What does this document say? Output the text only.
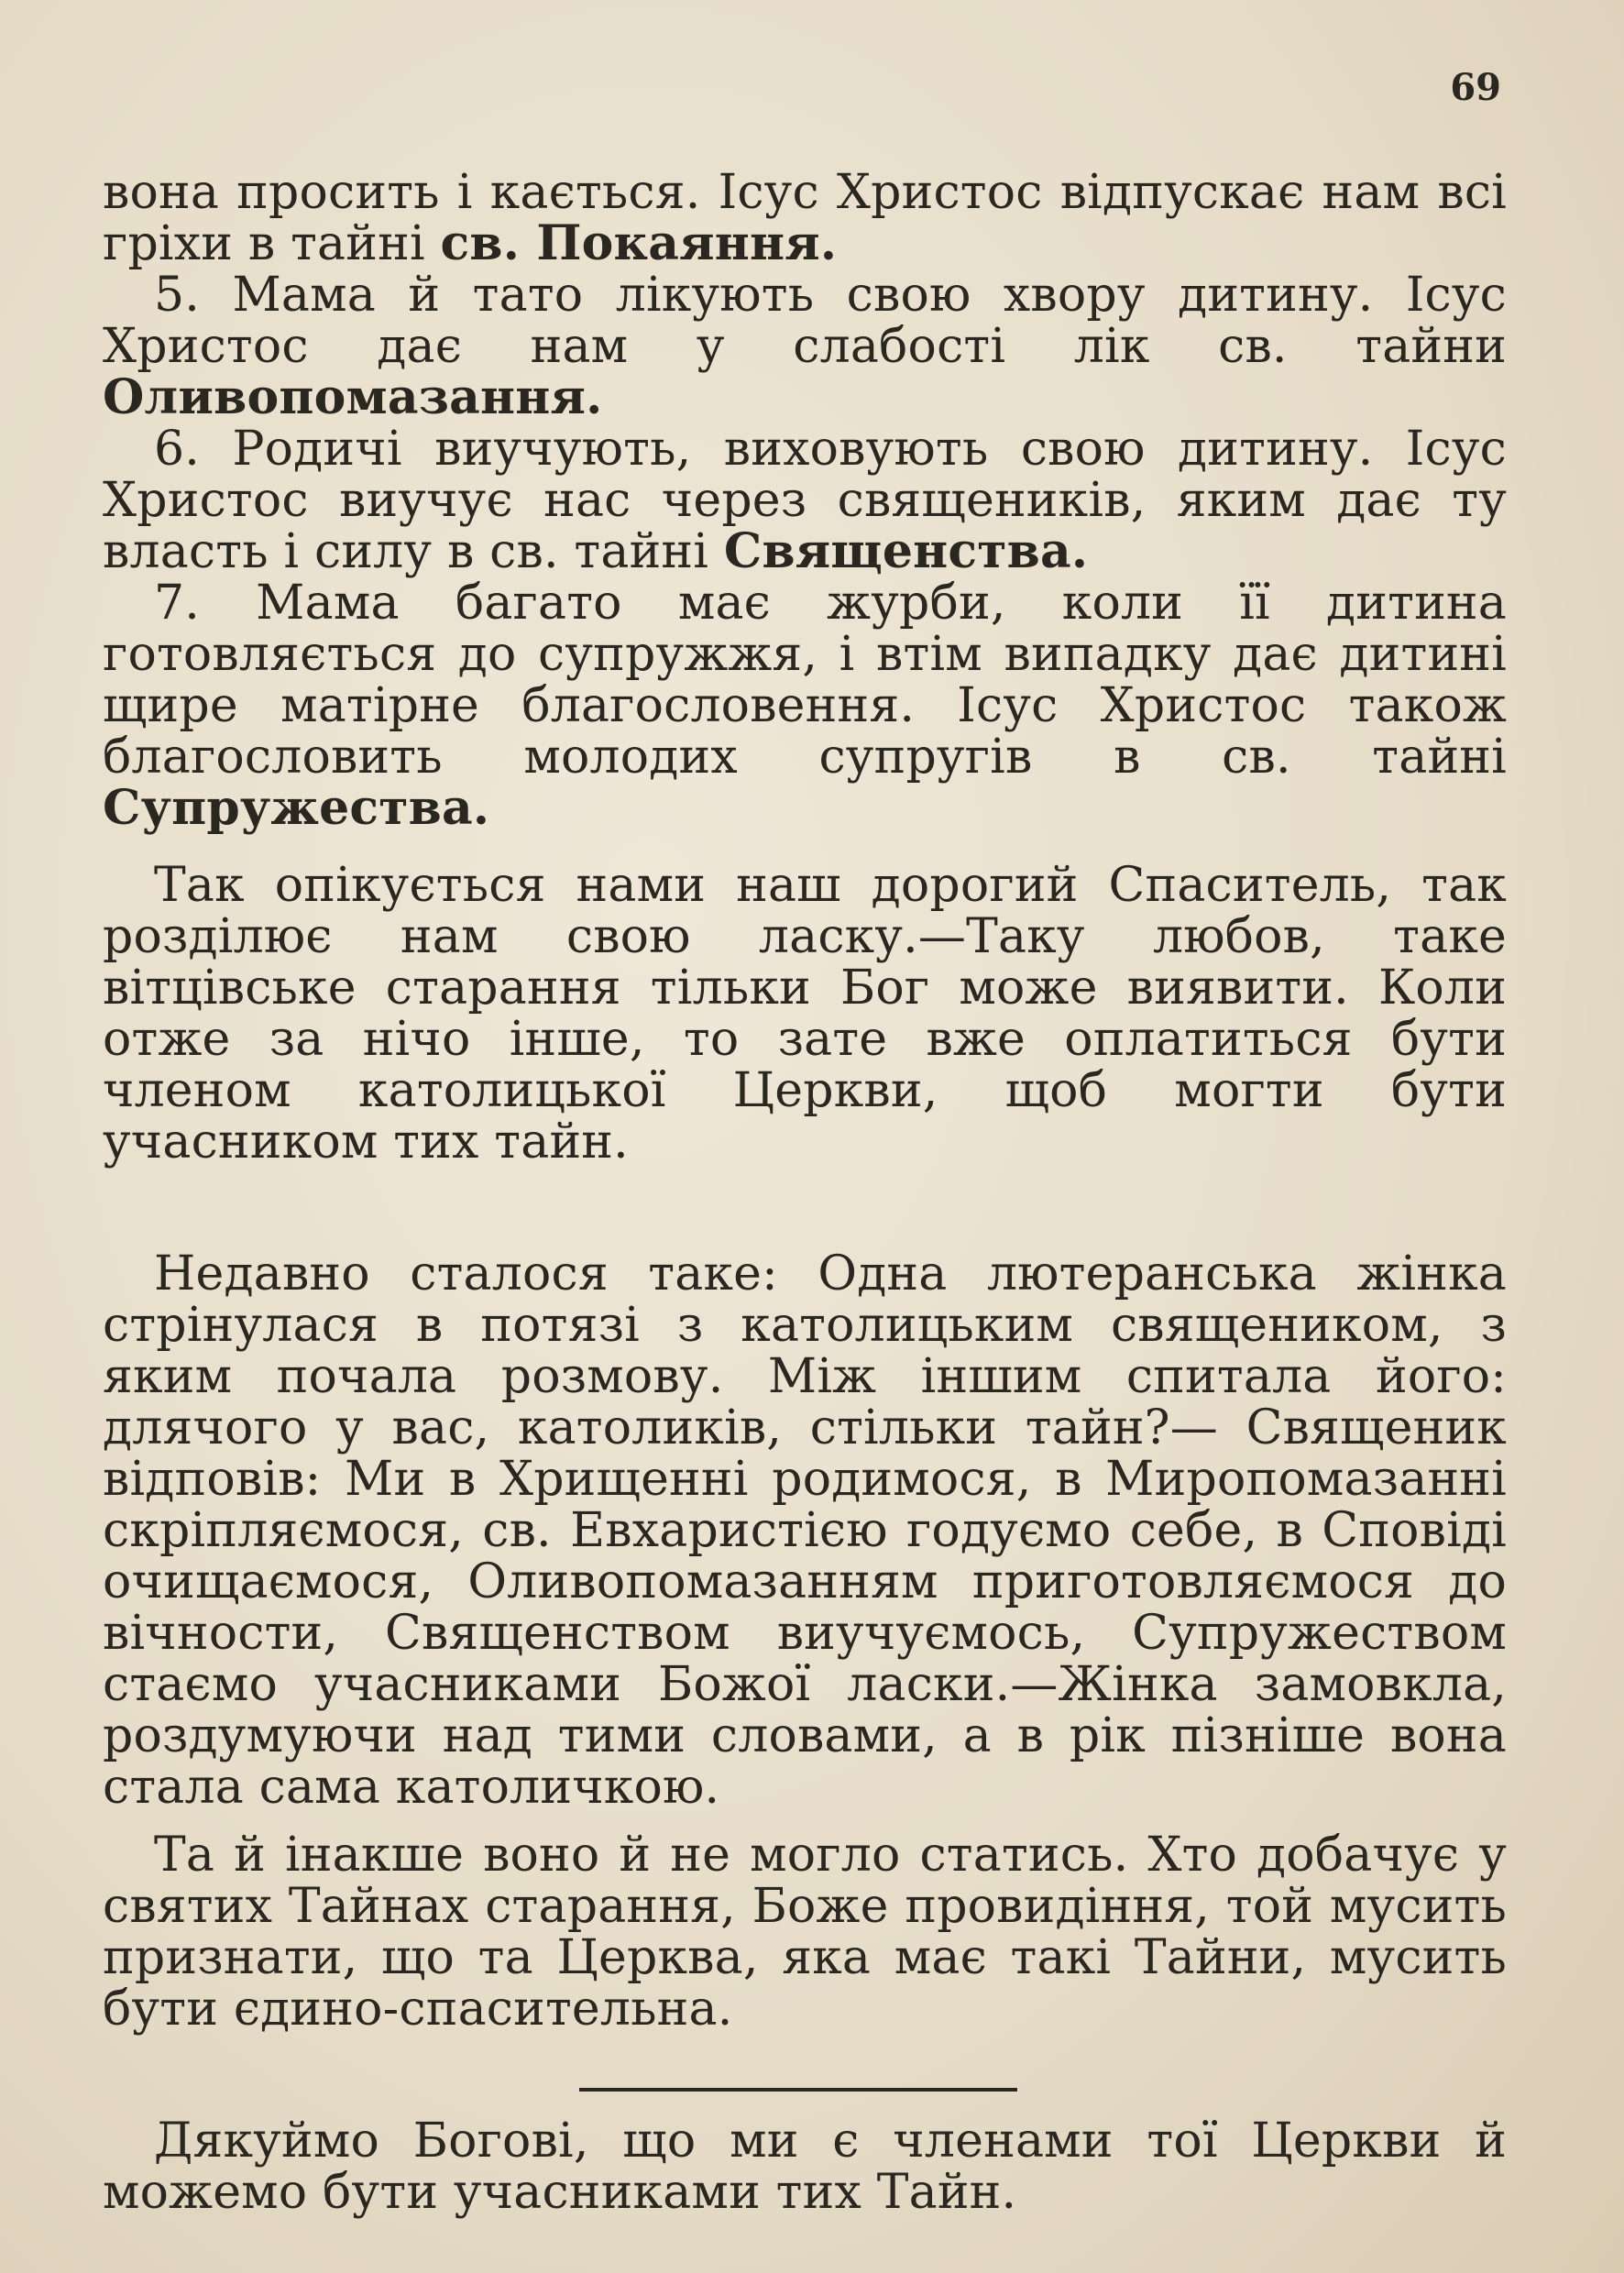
69

вона просить і кається. Ісус Христос відпускає нам всі гріхи в тайні св. Покаяння.

5. Мама й тато лікують свою хвору дитину. Ісус Христос дає нам у слабості лік св. тайни Оливопомазання.

6. Родичі виучують, виховують свою дитину. Ісус Христос виучує нас через священиків, яким дає ту власть і силу в св. тайні Священства.

7. Мама багато має журби, коли її дитина готовляється до супружжя, і втім випадку дає дитині щире матірне благословення. Ісус Христос також благословить молодих супругів в св. тайні Супружества.

Так опікується нами наш дорогий Спаситель, так розділює нам свою ласку.—Таку любов, таке вітцівське старання тільки Бог може виявити. Коли отже за нічо інше, то зате вже оплатиться бути членом католицької Церкви, щоб могти бути учасником тих тайн.

Недавно сталося таке: Одна лютеранська жінка стрінулася в потязі з католицьким священиком, з яким почала розмову. Між іншим спитала його: длячого у вас, католиків, стільки тайн?— Священик відповів: Ми в Хрищенні родимося, в Миропомазанні скріпляємося, св. Евхаристією годуємо себе, в Сповіді очищаємося, Оливопомазанням приготовляємося до вічности, Священством виучуємось, Супружеством стаємо учасниками Божої ласки.—Жінка замовкла, роздумуючи над тими словами, а в рік пізніше вона стала сама католичкою.

Та й інакше воно й не могло статись. Хто добачує у святих Тайнах старання, Боже провидіння, той мусить признати, що та Церква, яка має такі Тайни, мусить бути єдино-спасительна.

Дякуймо Богові, що ми є членами тої Церкви й можемо бути учасниками тих Тайн.
